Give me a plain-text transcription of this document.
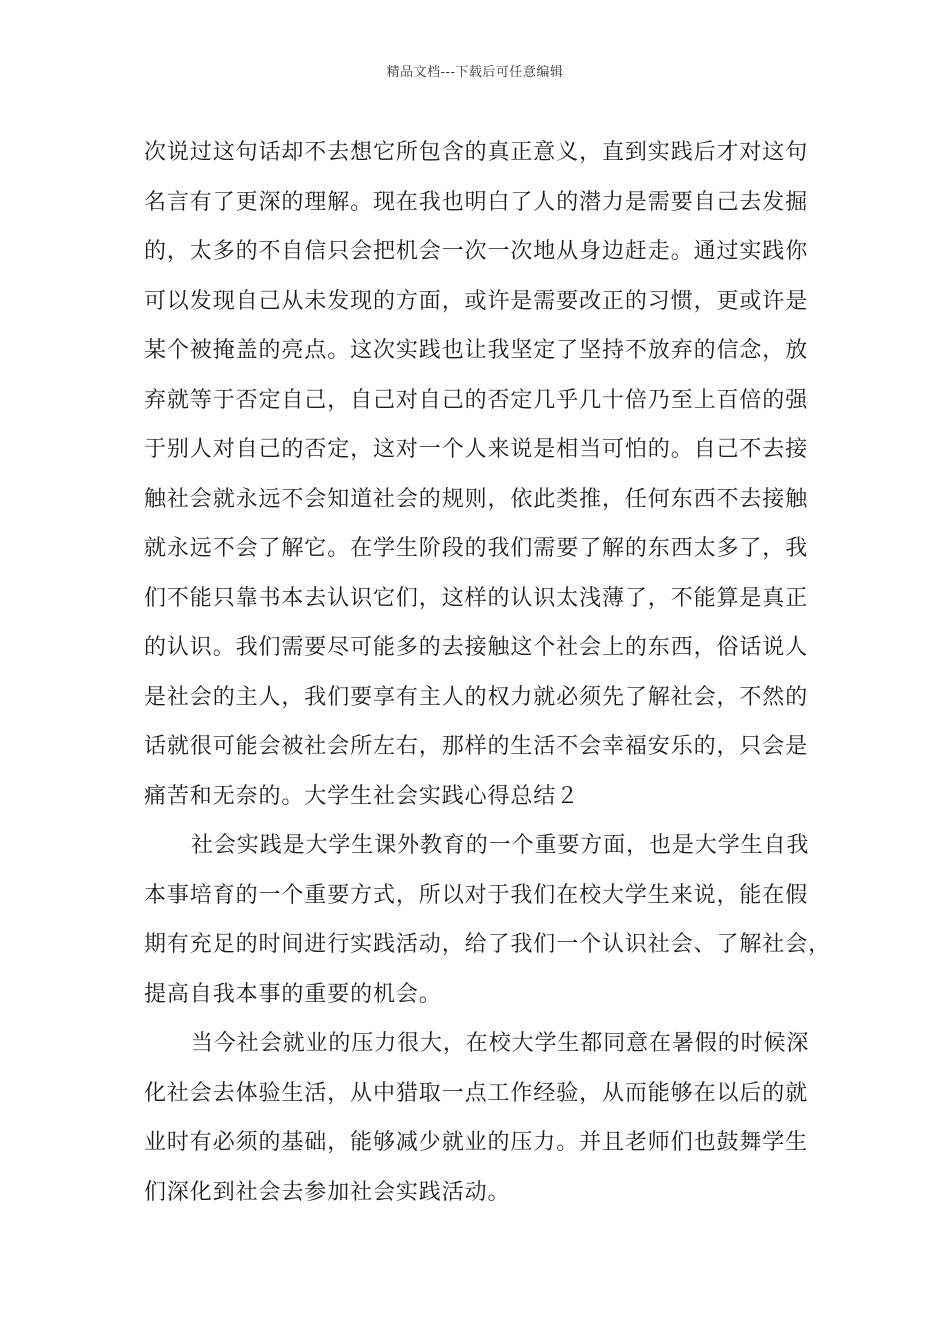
精品文档---下载后可任意编辑
次说过这句话却不去想它所包含的真正意义，直到实践后才对这句
名言有了更深的理解。现在我也明白了人的潜力是需要自己去发掘
的，太多的不自信只会把机会一次一次地从身边赶走。通过实践你
可以发现自己从未发现的方面，或许是需要改正的习惯，更或许是
某个被掩盖的亮点。这次实践也让我坚定了坚持不放弃的信念，放
弃就等于否定自己，自己对自己的否定几乎几十倍乃至上百倍的强
于别人对自己的否定，这对一个人来说是相当可怕的。自己不去接
触社会就永远不会知道社会的规则，依此类推，任何东西不去接触
就永远不会了解它。在学生阶段的我们需要了解的东西太多了，我
们不能只靠书本去认识它们，这样的认识太浅薄了，不能算是真正
的认识。我们需要尽可能多的去接触这个社会上的东西，俗话说人
是社会的主人，我们要享有主人的权力就必须先了解社会，不然的
话就很可能会被社会所左右，那样的生活不会幸福安乐的，只会是
痛苦和无奈的。大学生社会实践心得总结２
社会实践是大学生课外教育的一个重要方面，也是大学生自我
本事培育的一个重要方式，所以对于我们在校大学生来说，能在假
期有充足的时间进行实践活动，给了我们一个认识社会、了解社会，
提高自我本事的重要的机会。
当今社会就业的压力很大，在校大学生都同意在暑假的时候深
化社会去体验生活，从中猎取一点工作经验，从而能够在以后的就
业时有必须的基础，能够减少就业的压力。并且老师们也鼓舞学生
们深化到社会去参加社会实践活动。
